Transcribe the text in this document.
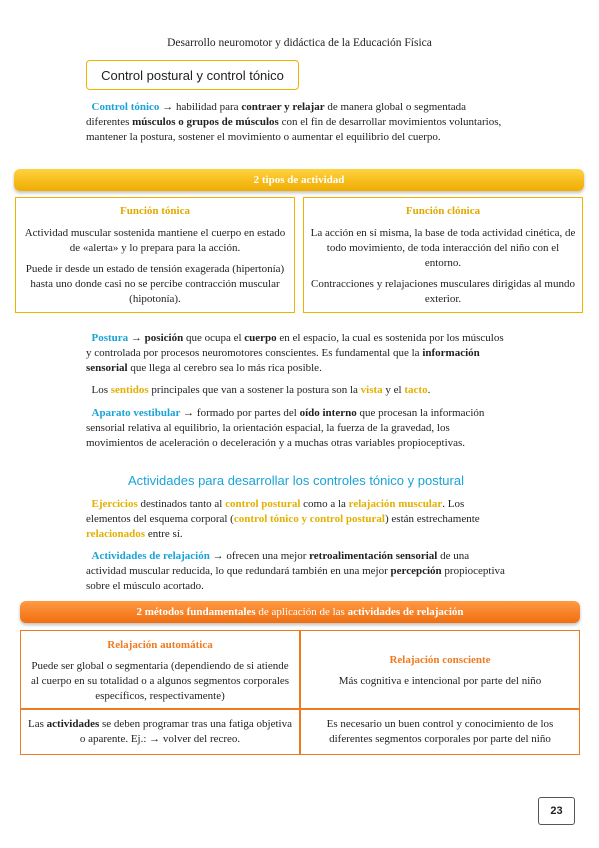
Desarrollo neuromotor y didáctica de la Educación Física
Control postural y control tónico
Control tónico → habilidad para contraer y relajar de manera global o segmentada diferentes músculos o grupos de músculos con el fin de desarrollar movimientos voluntarios, mantener la postura, sostener el movimiento o aumentar el equilibrio del cuerpo.
2 tipos de actividad
Función tónica

Actividad muscular sostenida mantiene el cuerpo en estado de «alerta» y lo prepara para la acción.

Puede ir desde un estado de tensión exagerada (hipertonía) hasta uno donde casi no se percibe contracción muscular (hipotonía).

Función clónica

La acción en sí misma, la base de toda actividad cinética, de todo movimiento, de toda interacción del niño con el entorno.

Contracciones y relajaciones musculares dirigidas al mundo exterior.

Postura → posición que ocupa el cuerpo en el espacio, la cual es sostenida por los músculos y controlada por procesos neuromotores conscientes. Es fundamental que la información sensorial que llega al cerebro sea lo más rica posible.
Los sentidos principales que van a sostener la postura son la vista y el tacto.
Aparato vestibular → formado por partes del oído interno que procesan la información sensorial relativa al equilibrio, la orientación espacial, la fuerza de la gravedad, los movimientos de aceleración o deceleración y a muchas otras variables propioceptivas.
Actividades para desarrollar los controles tónico y postural
Ejercicios destinados tanto al control postural como a la relajación muscular. Los elementos del esquema corporal (control tónico y control postural) están estrechamente relacionados entre sí.
Actividades de relajación → ofrecen una mejor retroalimentación sensorial de una actividad muscular reducida, lo que redundará también en una mejor percepción propioceptiva sobre el músculo acortado.
2 métodos fundamentales
de aplicación de las
actividades de relajación
Relajación automática

Puede ser global o segmentaria (dependiendo de si atiende al cuerpo en su totalidad o a algunos segmentos corporales específicos, respectivamente)

Relajación consciente

Más cognitiva e intencional por parte del niño

Las actividades se deben programar tras una fatiga objetiva o aparente. Ej.: → volver del recreo.

Es necesario un buen control y conocimiento de los diferentes segmentos corporales por parte del niño

23
